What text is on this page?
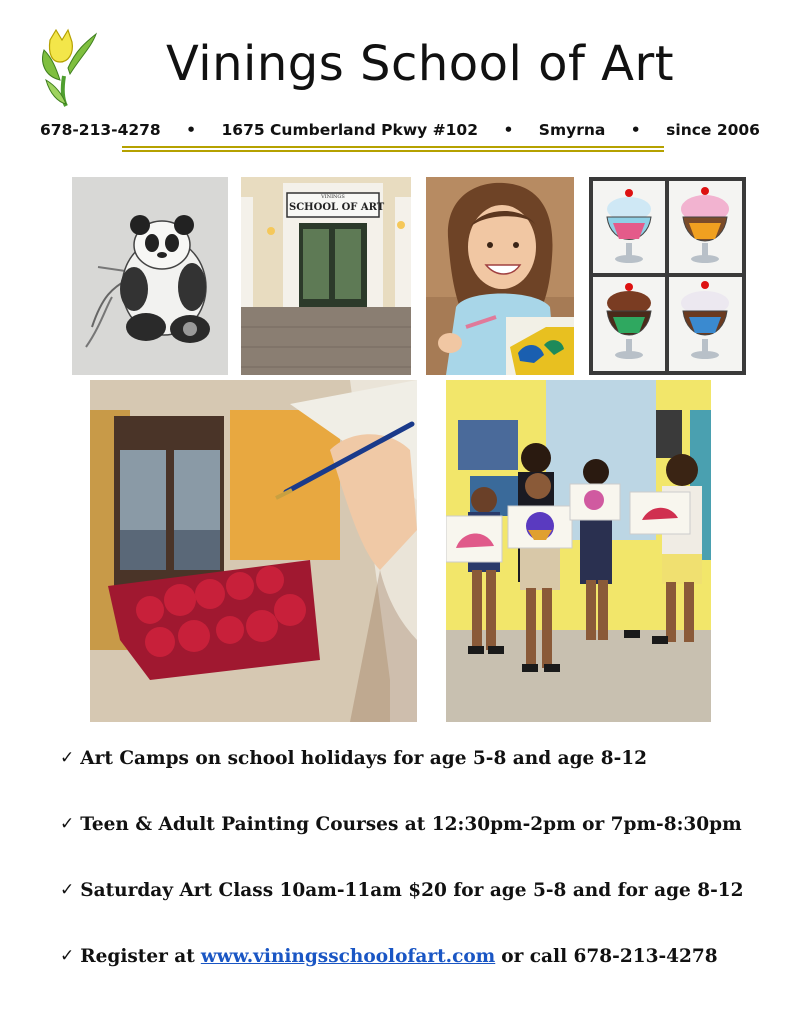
Vinings School of Art
678-213-4278 • 1675 Cumberland Pkwy #102 • Smyrna • since 2006
VININGS
SCHOOL OF ART
✓ Art Camps on school holidays for age 5-8 and age 8-12
✓ Teen & Adult Painting Courses at 12:30pm-2pm or 7pm-8:30pm
✓ Saturday Art Class 10am-11am $20 for age 5-8 and for age 8-12
✓ Register at www.viningsschoolofart.com or call 678-213-4278
